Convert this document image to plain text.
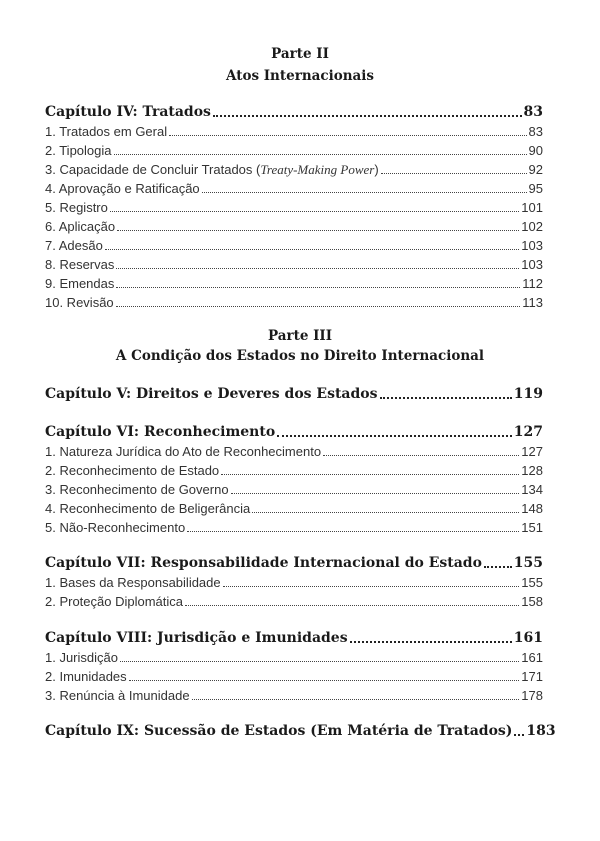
Parte II
Atos Internacionais
Capítulo IV: Tratados	83
1. Tratados em Geral	83
2. Tipologia	90
3. Capacidade de Concluir Tratados (Treaty-Making Power)	92
4. Aprovação e Ratificação	95
5. Registro	101
6. Aplicação	102
7. Adesão	103
8. Reservas	103
9. Emendas	112
10. Revisão	113
Parte III
A Condição dos Estados no Direito Internacional
Capítulo V: Direitos e Deveres dos Estados	119
Capítulo VI: Reconhecimento	127
1. Natureza Jurídica do Ato de Reconhecimento	127
2. Reconhecimento de Estado	128
3. Reconhecimento de Governo	134
4. Reconhecimento de Beligerância	148
5. Não-Reconhecimento	151
Capítulo VII: Responsabilidade Internacional do Estado 155
1. Bases da Responsabilidade	155
2. Proteção Diplomática	158
Capítulo VIII: Jurisdição e Imunidades	161
1. Jurisdição	161
2. Imunidades	171
3. Renúncia à Imunidade	178
Capítulo IX: Sucessão de Estados (Em Matéria de Tratados) 183
